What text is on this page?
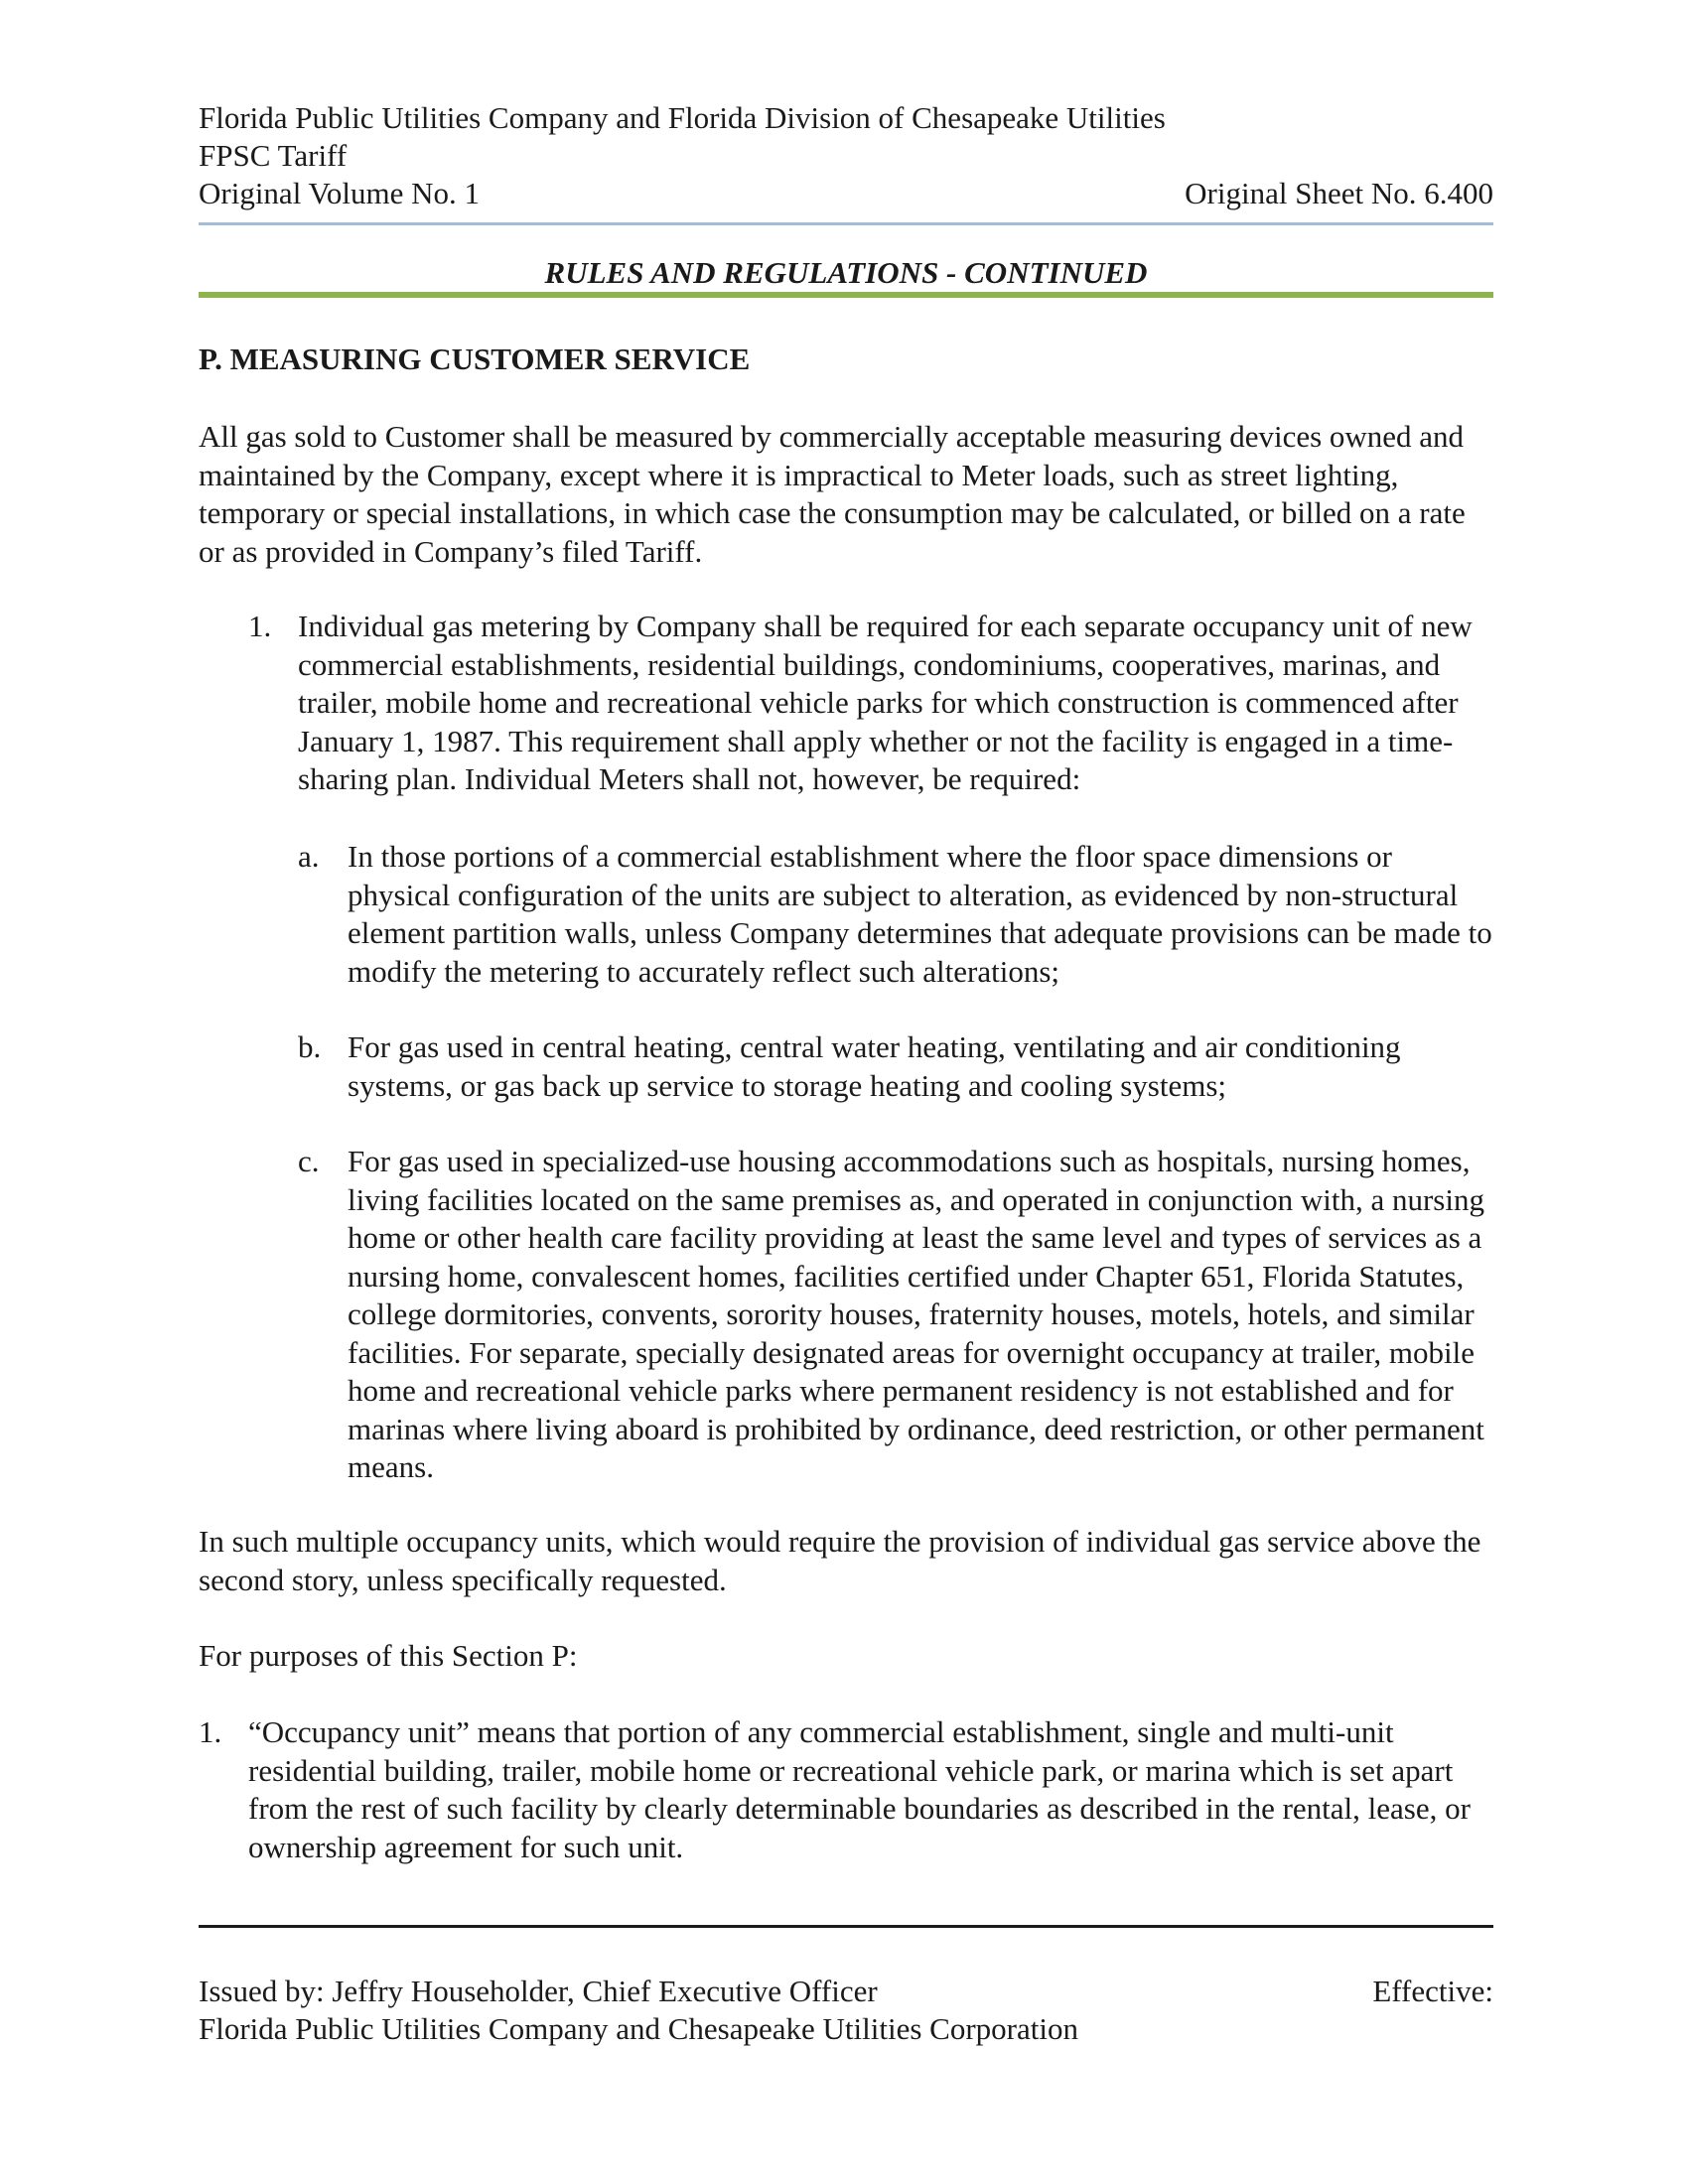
Florida Public Utilities Company and Florida Division of Chesapeake Utilities
FPSC Tariff
Original Volume No. 1	Original Sheet No. 6.400
RULES AND REGULATIONS - CONTINUED
P. MEASURING CUSTOMER SERVICE
All gas sold to Customer shall be measured by commercially acceptable measuring devices owned and maintained by the Company, except where it is impractical to Meter loads, such as street lighting, temporary or special installations, in which case the consumption may be calculated, or billed on a rate or as provided in Company’s filed Tariff.
1. Individual gas metering by Company shall be required for each separate occupancy unit of new commercial establishments, residential buildings, condominiums, cooperatives, marinas, and trailer, mobile home and recreational vehicle parks for which construction is commenced after January 1, 1987. This requirement shall apply whether or not the facility is engaged in a time-sharing plan. Individual Meters shall not, however, be required:
a. In those portions of a commercial establishment where the floor space dimensions or physical configuration of the units are subject to alteration, as evidenced by non-structural element partition walls, unless Company determines that adequate provisions can be made to modify the metering to accurately reflect such alterations;
b. For gas used in central heating, central water heating, ventilating and air conditioning systems, or gas back up service to storage heating and cooling systems;
c. For gas used in specialized-use housing accommodations such as hospitals, nursing homes, living facilities located on the same premises as, and operated in conjunction with, a nursing home or other health care facility providing at least the same level and types of services as a nursing home, convalescent homes, facilities certified under Chapter 651, Florida Statutes, college dormitories, convents, sorority houses, fraternity houses, motels, hotels, and similar facilities. For separate, specially designated areas for overnight occupancy at trailer, mobile home and recreational vehicle parks where permanent residency is not established and for marinas where living aboard is prohibited by ordinance, deed restriction, or other permanent means.
In such multiple occupancy units, which would require the provision of individual gas service above the second story, unless specifically requested.
For purposes of this Section P:
1. “Occupancy unit” means that portion of any commercial establishment, single and multi-unit residential building, trailer, mobile home or recreational vehicle park, or marina which is set apart from the rest of such facility by clearly determinable boundaries as described in the rental, lease, or ownership agreement for such unit.
Issued by: Jeffry Householder, Chief Executive Officer	Effective:
Florida Public Utilities Company and Chesapeake Utilities Corporation
